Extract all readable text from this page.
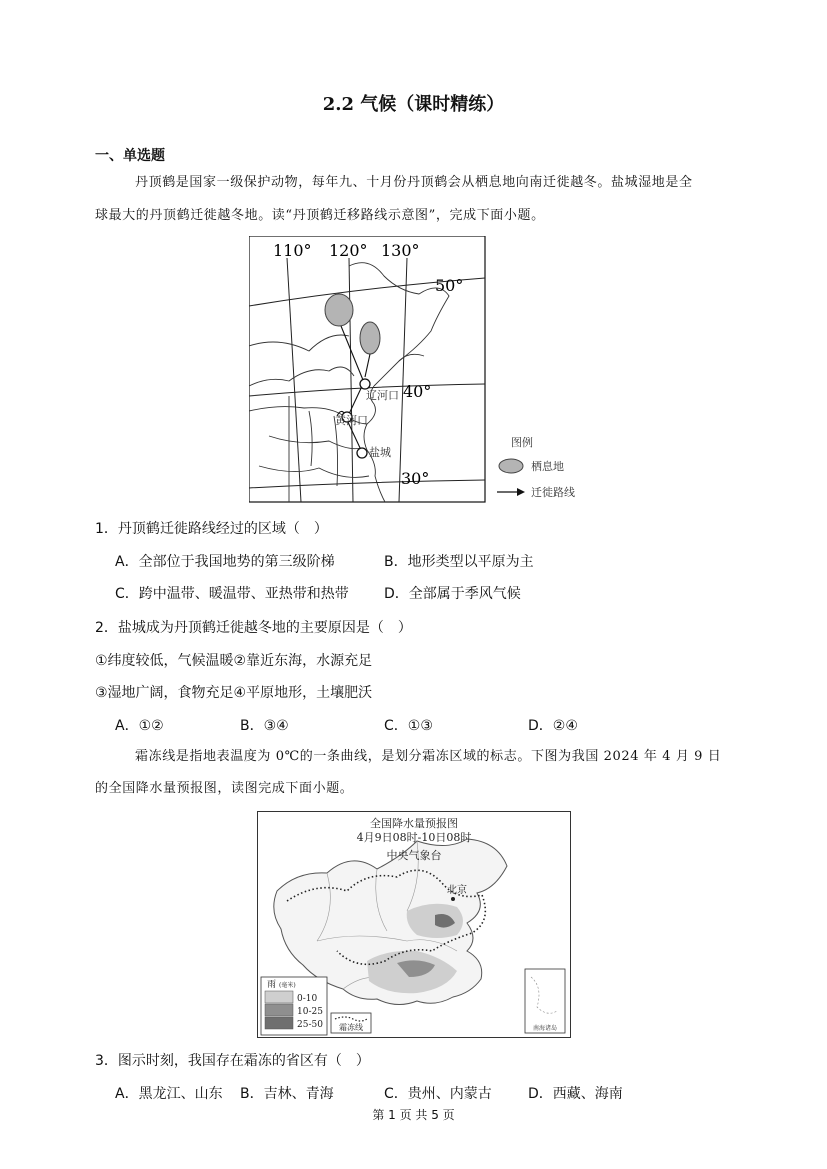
2.2 气候（课时精练）
一、单选题
丹顶鹤是国家一级保护动物，每年九、十月份丹顶鹤会从栖息地向南迁徙越冬。盐城湿地是全
球最大的丹顶鹤迁徙越冬地。读“丹顶鹤迁移路线示意图”，完成下面小题。
110° 120° 130°
50°
40°
30°
辽河口
黄河口
盐城
图例
栖息地
迁徙路线
1．丹顶鹤迁徙路线经过的区域（　）
A．全部位于我国地势的第三级阶梯	B．地形类型以平原为主
C．跨中温带、暖温带、亚热带和热带	D．全部属于季风气候
2．盐城成为丹顶鹤迁徙越冬地的主要原因是（　）
①纬度较低，气候温暖②靠近东海，水源充足
③湿地广阔，食物充足④平原地形，土壤肥沃
A．①②	B．③④	C．①③	D．②④
霜冻线是指地表温度为 0℃的一条曲线，是划分霜冻区域的标志。下图为我国 2024 年 4 月 9 日
的全国降水量预报图，读图完成下面小题。
全国降水量预报图
4月9日08时-10日08时
中央气象台
北京
南海诸岛
雨 (毫米)
0-10
10-25
25-50 霜冻线
3．图示时刻，我国存在霜冻的省区有（　）
A．黑龙江、山东 B．吉林、青海	C．贵州、内蒙古	D．西藏、海南
第 1 页 共 5 页
